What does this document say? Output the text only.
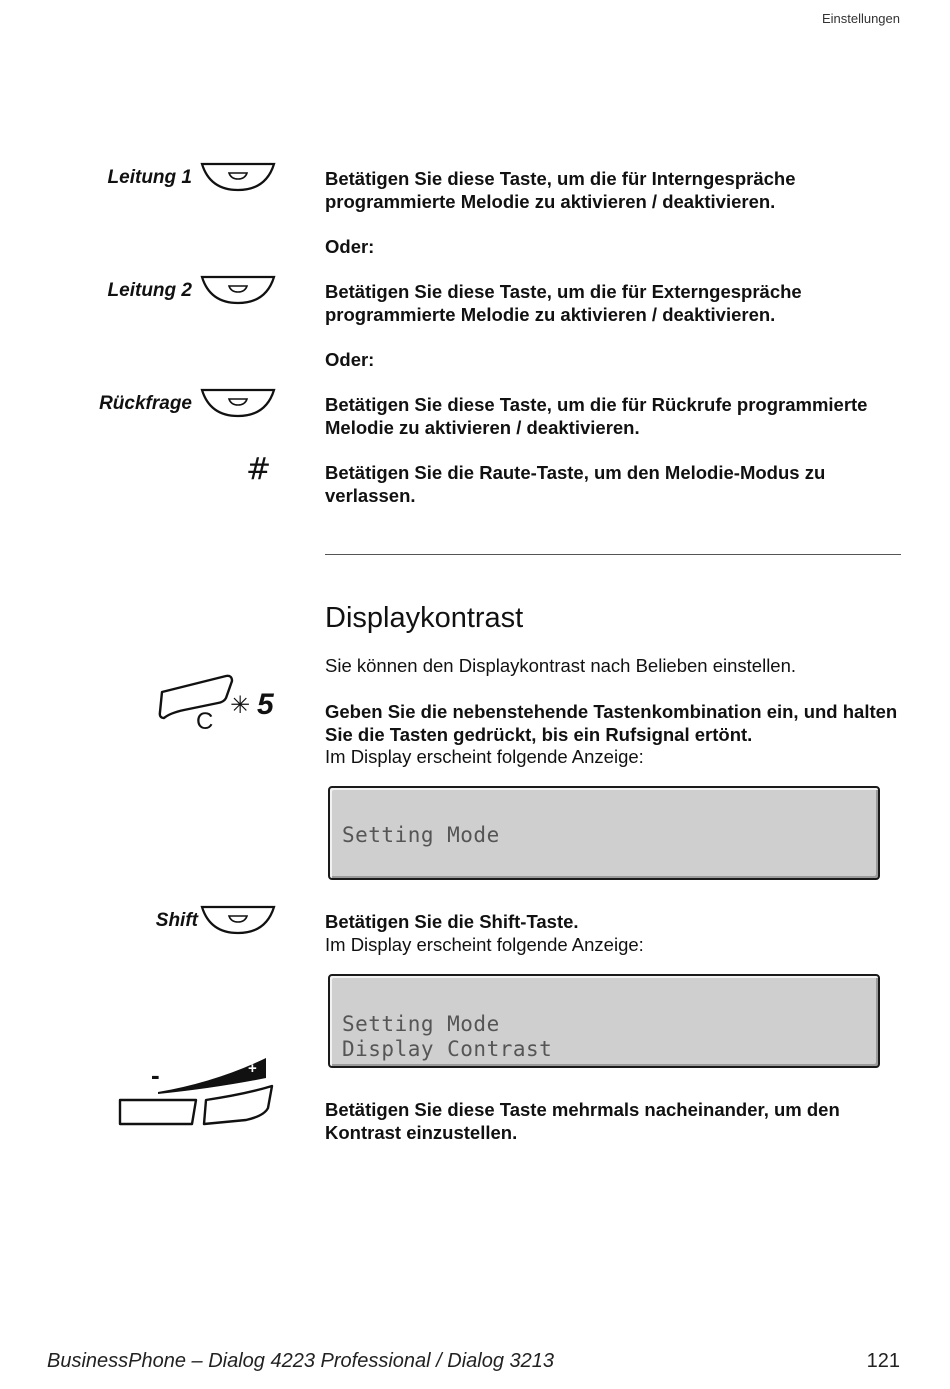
Einstellungen
Leitung 1	Betätigen Sie diese Taste, um die für Interngespräche programmierte Melodie zu aktivieren / deaktivieren.
Oder:
Leitung 2	Betätigen Sie diese Taste, um die für Externgespräche programmierte Melodie zu aktivieren / deaktivieren.
Oder:
Rückfrage	Betätigen Sie diese Taste, um die für Rückrufe programmierte Melodie zu aktivieren / deaktivieren.
#	Betätigen Sie die Raute-Taste, um den Melodie-Modus zu verlassen.
Displaykontrast
Sie können den Displaykontrast nach Belieben einstellen.
C
✳ 5	Geben Sie die nebenstehende Tastenkombination ein, und halten Sie die Tasten gedrückt, bis ein Rufsignal ertönt.
Im Display erscheint folgende Anzeige:
Setting Mode
Shift	Betätigen Sie die Shift-Taste.
Im Display erscheint folgende Anzeige:
Setting Mode
Display Contrast
-	+
Betätigen Sie diese Taste mehrmals nacheinander, um den Kontrast einzustellen.
BusinessPhone – Dialog 4223 Professional / Dialog 3213	121
